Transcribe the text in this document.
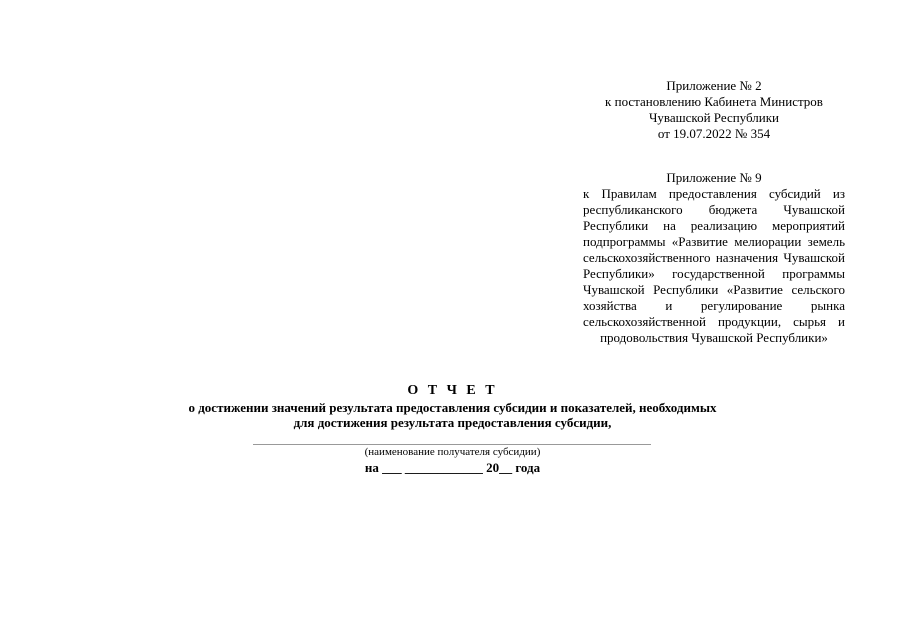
Приложение № 2
к постановлению Кабинета Министров
Чувашской Республики
от 19.07.2022 № 354
Приложение № 9
к Правилам предоставления субсидий из республиканского бюджета Чувашской Республики на реализацию мероприятий подпрограммы «Развитие мелиорации земель сельскохозяйственного назначения Чувашской Республики» государственной программы Чувашской Республики «Развитие сельского хозяйства и регулирование рынка сельскохозяйственной продукции, сырья и продовольствия Чувашской Республики»
О Т Ч Е Т
о достижении значений результата предоставления субсидии и показателей, необходимых
для достижения результата предоставления субсидии,
(наименование получателя субсидии)
на ___ ____________ 20__ года
